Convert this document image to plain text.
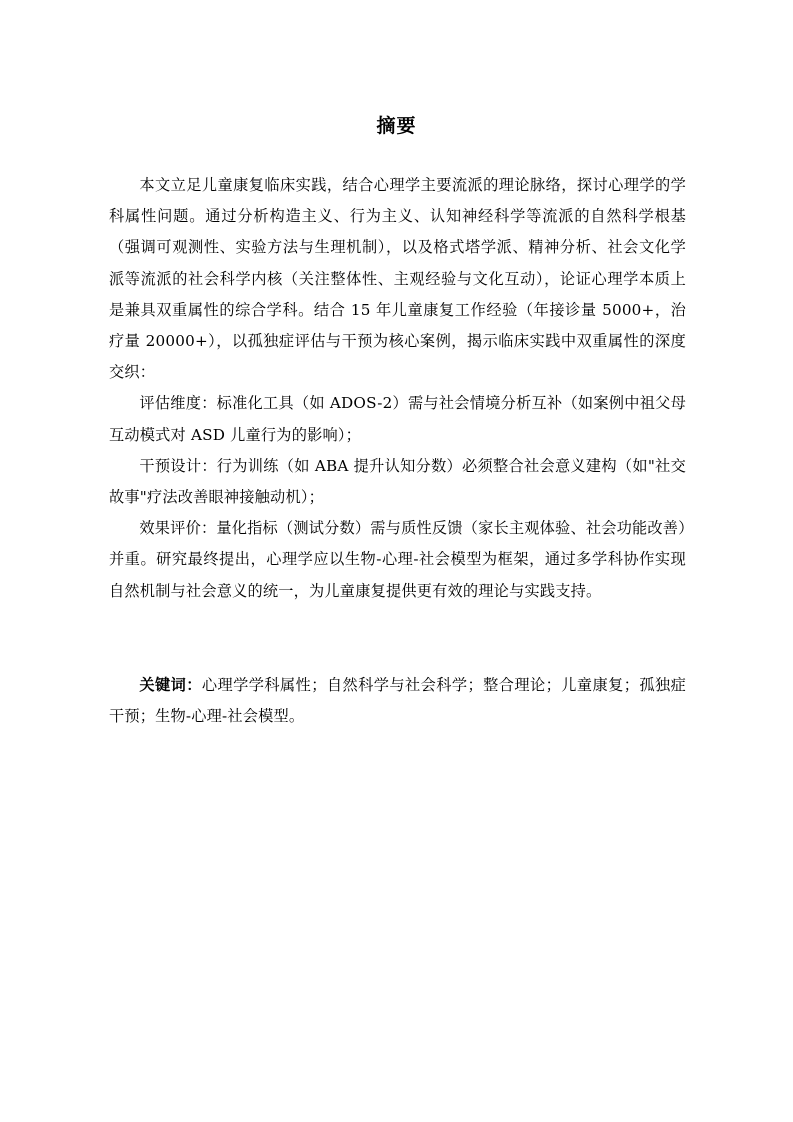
摘要

本文立足儿童康复临床实践，结合心理学主要流派的理论脉络，探讨心理学的学科属性问题。通过分析构造主义、行为主义、认知神经科学等流派的自然科学根基（强调可观测性、实验方法与生理机制），以及格式塔学派、精神分析、社会文化学派等流派的社会科学内核（关注整体性、主观经验与文化互动），论证心理学本质上是兼具双重属性的综合学科。结合 15 年儿童康复工作经验（年接诊量 5000+，治疗量 20000+），以孤独症评估与干预为核心案例，揭示临床实践中双重属性的深度交织：

评估维度：标准化工具（如 ADOS-2）需与社会情境分析互补（如案例中祖父母互动模式对 ASD 儿童行为的影响）；

干预设计：行为训练（如 ABA 提升认知分数）必须整合社会意义建构（如"社交故事"疗法改善眼神接触动机）；

效果评价：量化指标（测试分数）需与质性反馈（家长主观体验、社会功能改善）并重。研究最终提出，心理学应以生物-心理-社会模型为框架，通过多学科协作实现自然机制与社会意义的统一，为儿童康复提供更有效的理论与实践支持。

关键词：心理学学科属性；自然科学与社会科学；整合理论；儿童康复；孤独症干预；生物-心理-社会模型。
